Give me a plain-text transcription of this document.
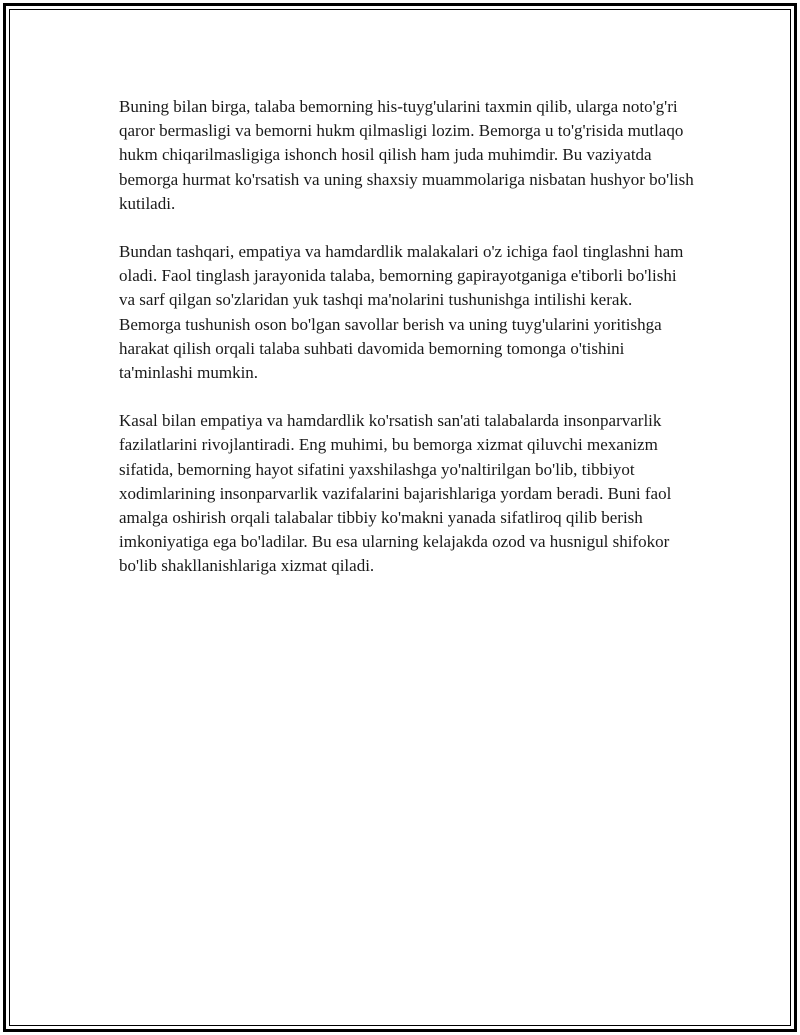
Buning bilan birga, talaba bemorning his-tuyg'ularini taxmin qilib, ularga noto'g'ri qaror bermasligi va bemorni hukm qilmasligi lozim. Bemorga u to'g'risida mutlaqo hukm chiqarilmasligiga ishonch hosil qilish ham juda muhimdir. Bu vaziyatda bemorga hurmat ko'rsatish va uning shaxsiy muammolariga nisbatan hushyor bo'lish kutiladi.

Bundan tashqari, empatiya va hamdardlik malakalari o'z ichiga faol tinglashni ham oladi. Faol tinglash jarayonida talaba, bemorning gapirayotganiga e'tiborli bo'lishi va sarf qilgan so'zlaridan yuk tashqi ma'nolarini tushunishga intilishi kerak. Bemorga tushunish oson bo'lgan savollar berish va uning tuyg'ularini yoritishga harakat qilish orqali talaba suhbati davomida bemorning tomonga o'tishini ta'minlashi mumkin.

Kasal bilan empatiya va hamdardlik ko'rsatish san'ati talabalarda insonparvarlik fazilatlarini rivojlantiradi. Eng muhimi, bu bemorga xizmat qiluvchi mexanizm sifatida, bemorning hayot sifatini yaxshilashga yo'naltirilgan bo'lib, tibbiyot xodimlarining insonparvarlik vazifalarini bajarishlariga yordam beradi. Buni faol amalga oshirish orqali talabalar tibbiy ko'makni yanada sifatliroq qilib berish imkoniyatiga ega bo'ladilar. Bu esa ularning kelajakda ozod va husnigul shifokor bo'lib shakllanishlariga xizmat qiladi.
